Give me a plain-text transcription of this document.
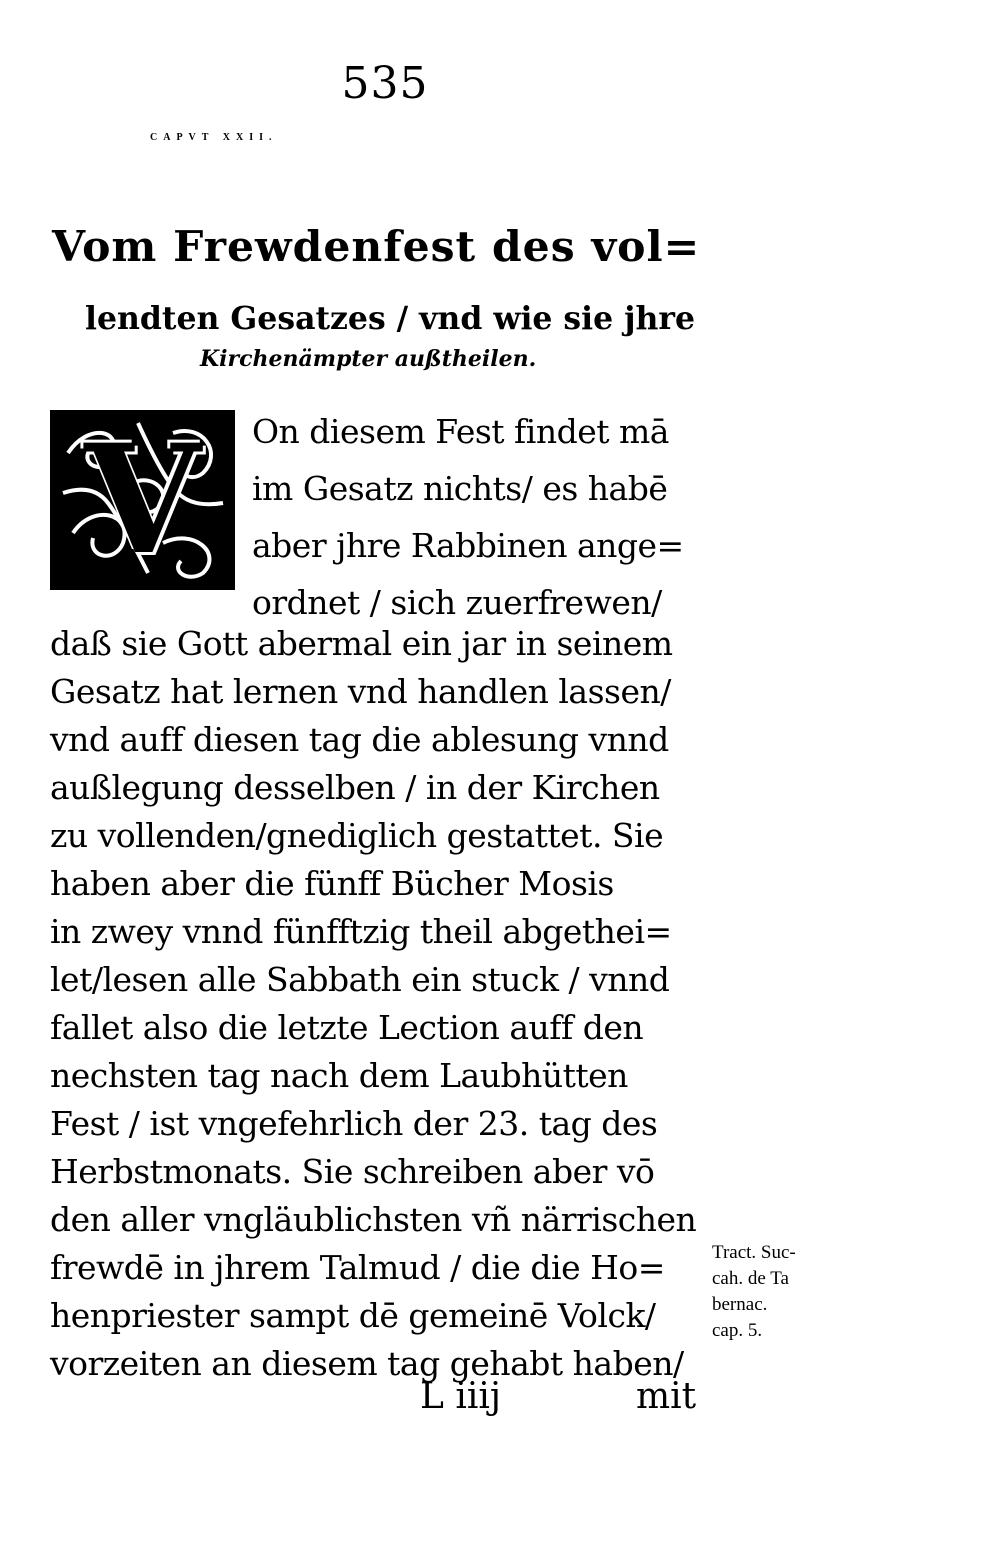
535
CAPVT XXII.
Vom Frewdenfest des vol=
lendten Gesatzes / vnd wie sie jhre
Kirchenämpter außtheilen.
V	On diesem Fest findet mā
im Gesatz nichts/ es habē
aber jhre Rabbinen ange=
ordnet / sich zuerfrewen/
daß sie Gott abermal ein jar in seinem
Gesatz hat lernen vnd handlen lassen/
vnd auff diesen tag die ablesung vnnd
außlegung desselben / in der Kirchen
zu vollenden/gnediglich gestattet. Sie
haben aber die fünff Bücher Mosis
in zwey vnnd fünfftzig theil abgethei=
let/lesen alle Sabbath ein stuck / vnnd
fallet also die letzte Lection auff den
nechsten tag nach dem Laubhütten
Fest / ist vngefehrlich der 23. tag des
Herbstmonats. Sie schreiben aber vō
den aller vngläublichsten vñ närrischen
frewdē in jhrem Talmud / die die Ho=
henpriester sampt dē gemeinē Volck/
vorzeiten an diesem tag gehabt haben/
Tract. Suc-
cah. de Ta
bernac.
cap. 5.
L iiij	mit
